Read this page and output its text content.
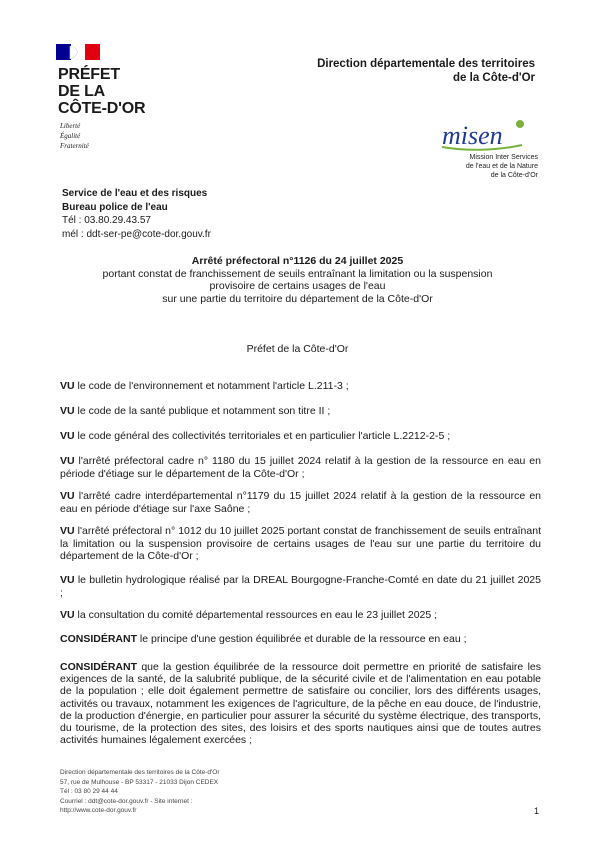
PRÉFET
DE LA
CÔTE-D'OR
Liberté
Égalité
Fraternité
Direction départementale des territoires
de la Côte-d'Or
misen
Mission Inter Services
de l'eau et de la Nature
de la Côte-d'Or
Service de l'eau et des risques
Bureau police de l'eau
Tél : 03.80.29.43.57
mél : ddt-ser-pe@cote-dor.gouv.fr
Arrêté préfectoral n°1126 du 24 juillet 2025
portant constat de franchissement de seuils entraînant la limitation ou la suspension
provisoire de certains usages de l'eau
sur une partie du territoire du département de la Côte-d'Or
Préfet de la Côte-d'Or
VU le code de l'environnement et notamment l'article L.211-3 ;
VU le code de la santé publique et notamment son titre II ;
VU le code général des collectivités territoriales et en particulier l'article L.2212-2-5 ;
VU l'arrêté préfectoral cadre n° 1180 du 15 juillet 2024 relatif à la gestion de la ressource en eau en période d'étiage sur le département de la Côte-d'Or ;
VU l'arrêté cadre interdépartemental n°1179 du 15 juillet 2024 relatif à la gestion de la ressource en eau en période d'étiage sur l'axe Saône ;
VU l'arrêté préfectoral n° 1012 du 10 juillet 2025 portant constat de franchissement de seuils entraînant la limitation ou la suspension provisoire de certains usages de l'eau sur une partie du territoire du département de la Côte-d'Or ;
VU le bulletin hydrologique réalisé par la DREAL Bourgogne-Franche-Comté en date du 21 juillet 2025 ;
VU la consultation du comité départemental ressources en eau le 23 juillet 2025 ;
CONSIDÉRANT le principe d'une gestion équilibrée et durable de la ressource en eau ;
CONSIDÉRANT que la gestion équilibrée de la ressource doit permettre en priorité de satisfaire les exigences de la santé, de la salubrité publique, de la sécurité civile et de l'alimentation en eau potable de la population ; elle doit également permettre de satisfaire ou concilier, lors des différents usages, activités ou travaux, notamment les exigences de l'agriculture, de la pêche en eau douce, de l'industrie, de la production d'énergie, en particulier pour assurer la sécurité du système électrique, des transports, du tourisme, de la protection des sites, des loisirs et des sports nautiques ainsi que de toutes autres activités humaines légalement exercées ;
Direction départementale des territoires de la Côte-d'Or
57, rue de Mulhouse - BP 53317 - 21033 Dijon CEDEX
Tél : 03 80 29 44 44
Courriel : ddt@cote-dor.gouv.fr - Site internet :
http://www.cote-dor.gouv.fr	1
